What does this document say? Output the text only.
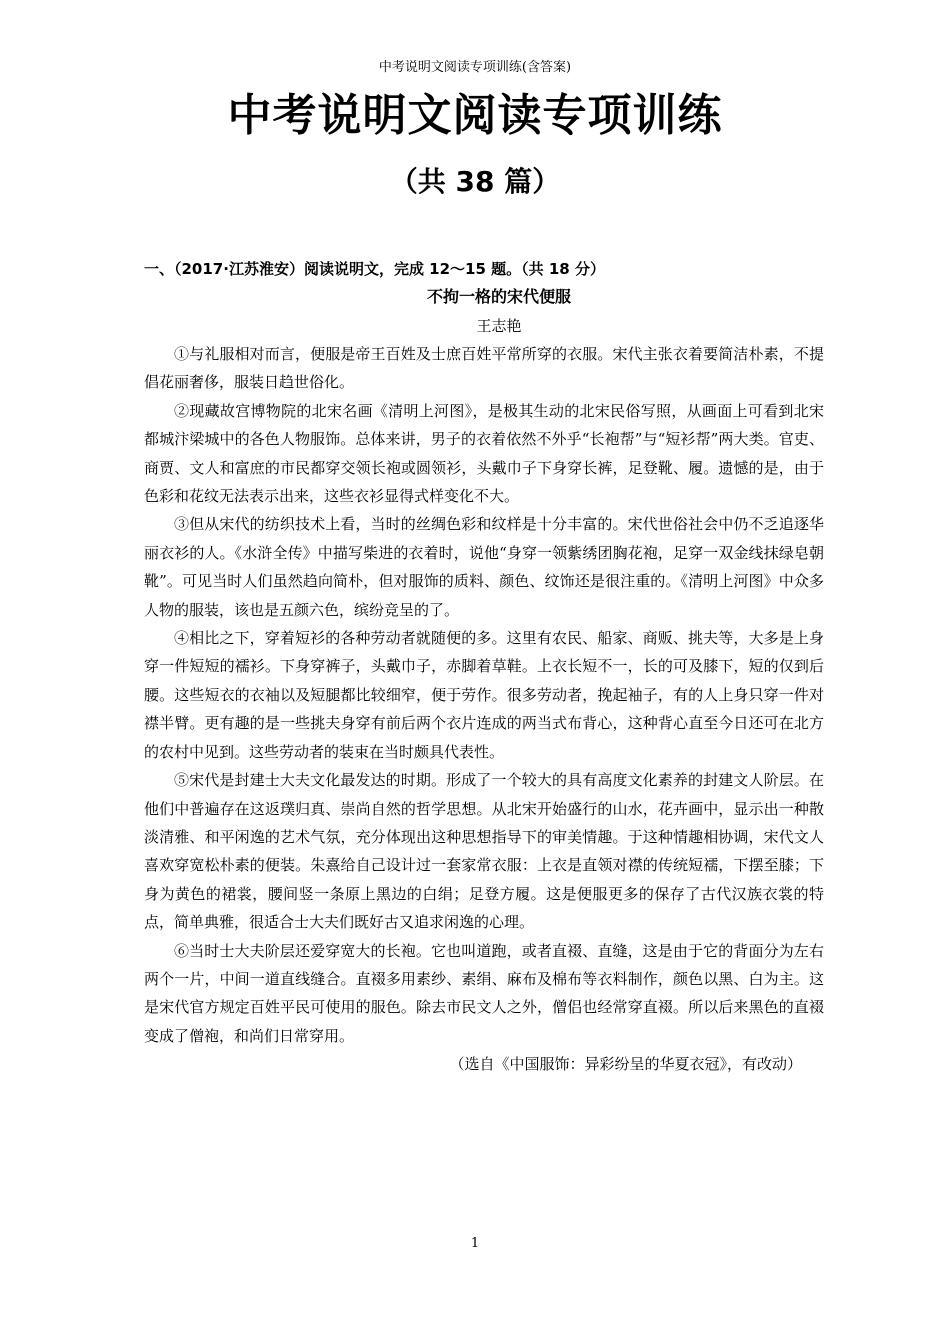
中考说明文阅读专项训练(含答案)
中考说明文阅读专项训练
（共 38 篇）
一、（2017·江苏淮安）阅读说明文，完成 12～15 题。（共 18 分）
不拘一格的宋代便服
王志艳

①与礼服相对而言，便服是帝王百姓及士庶百姓平常所穿的衣服。宋代主张衣着要简洁朴素，不提倡花丽奢侈，服装日趋世俗化。

②现藏故宫博物院的北宋名画《清明上河图》，是极其生动的北宋民俗写照，从画面上可看到北宋都城汴梁城中的各色人物服饰。总体来讲，男子的衣着依然不外乎“长袍帮”与“短衫帮”两大类。官吏、商贾、文人和富庶的市民都穿交领长袍或圆领衫，头戴巾子下身穿长裤，足登靴、履。遗憾的是，由于色彩和花纹无法表示出来，这些衣衫显得式样变化不大。

③但从宋代的纺织技术上看，当时的丝绸色彩和纹样是十分丰富的。宋代世俗社会中仍不乏追逐华丽衣衫的人。《水浒全传》中描写柴进的衣着时，说他“身穿一领紫绣团胸花袍，足穿一双金线抹绿皂朝靴”。可见当时人们虽然趋向简朴，但对服饰的质料、颜色、纹饰还是很注重的。《清明上河图》中众多人物的服装，该也是五颜六色，缤纷竞呈的了。

④相比之下，穿着短衫的各种劳动者就随便的多。这里有农民、船家、商贩、挑夫等，大多是上身穿一件短短的襦衫。下身穿裤子，头戴巾子，赤脚着草鞋。上衣长短不一，长的可及膝下，短的仅到后腰。这些短衣的衣袖以及短腿都比较细窄，便于劳作。很多劳动者，挽起袖子，有的人上身只穿一件对襟半臂。更有趣的是一些挑夫身穿有前后两个衣片连成的两当式布背心，这种背心直至今日还可在北方的农村中见到。这些劳动者的装束在当时颇具代表性。

⑤宋代是封建士大夫文化最发达的时期。形成了一个较大的具有高度文化素养的封建文人阶层。在他们中普遍存在这返璞归真、崇尚自然的哲学思想。从北宋开始盛行的山水，花卉画中，显示出一种散淡清雅、和平闲逸的艺术气氛，充分体现出这种思想指导下的审美情趣。于这种情趣相协调，宋代文人喜欢穿宽松朴素的便装。朱熹给自己设计过一套家常衣服：上衣是直领对襟的传统短襦，下摆至膝；下身为黄色的裙裳，腰间竖一条原上黑边的白绢；足登方履。这是便服更多的保存了古代汉族衣裳的特点，简单典雅，很适合士大夫们既好古又追求闲逸的心理。

⑥当时士大夫阶层还爱穿宽大的长袍。它也叫道跑，或者直裰、直缝，这是由于它的背面分为左右两个一片，中间一道直线缝合。直裰多用素纱、素绢、麻布及棉布等衣料制作，颜色以黑、白为主。这是宋代官方规定百姓平民可使用的服色。除去市民文人之外，僧侣也经常穿直裰。所以后来黑色的直裰变成了僧袍，和尚们日常穿用。

（选自《中国服饰：异彩纷呈的华夏衣冠》，有改动）
1
